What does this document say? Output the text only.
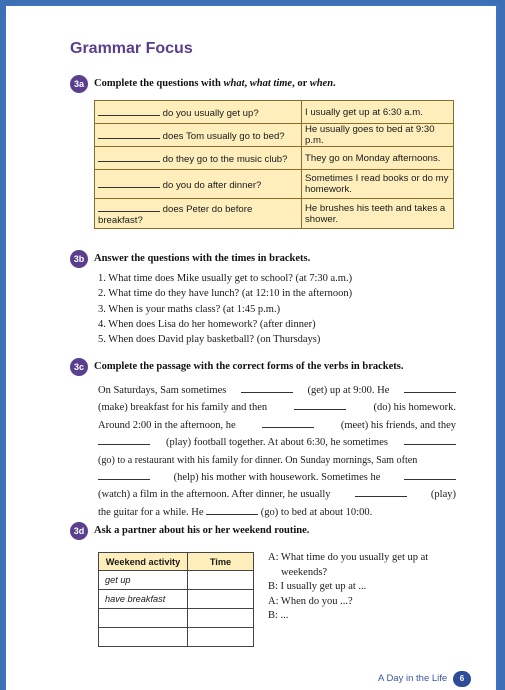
Grammar Focus
3a Complete the questions with what, what time, or when.
do you usually get up?	I usually get up at 6:30 a.m.
does Tom usually go to bed?	He usually goes to bed at 9:30 p.m.
do they go to the music club?	They go on Monday afternoons.
do you do after dinner?	Sometimes I read books or do my homework.
does Peter do before breakfast?	He brushes his teeth and takes a shower.
3b Answer the questions with the times in brackets.
1. What time does Mike usually get to school? (at 7:30 a.m.)
2. What time do they have lunch? (at 12:10 in the afternoon)
3. When is your maths class? (at 1:45 p.m.)
4. When does Lisa do her homework? (after dinner)
5. When does David play basketball? (on Thursdays)
3c Complete the passage with the correct forms of the verbs in brackets.
On Saturdays, Sam sometimes	(get) up at 9:00. He
(make) breakfast for his family and then	(do) his homework.
Around 2:00 in the afternoon, he	(meet) his friends, and they
(play) football together. At about 6:30, he sometimes
(go) to a restaurant with his family for dinner. On Sunday mornings, Sam often
(help) his mother with housework. Sometimes he
(watch) a film in the afternoon. After dinner, he usually	(play)
the guitar for a while. He

	(go) to bed at about 10:00.
3d Ask a partner about his or her weekend routine.
Weekend activity	Time
get up	
have breakfast	

A: What time do you usually get up at
weekends?
B: I usually get up at ...
A: When do you ...?
B: ...
A Day in the Life	6
